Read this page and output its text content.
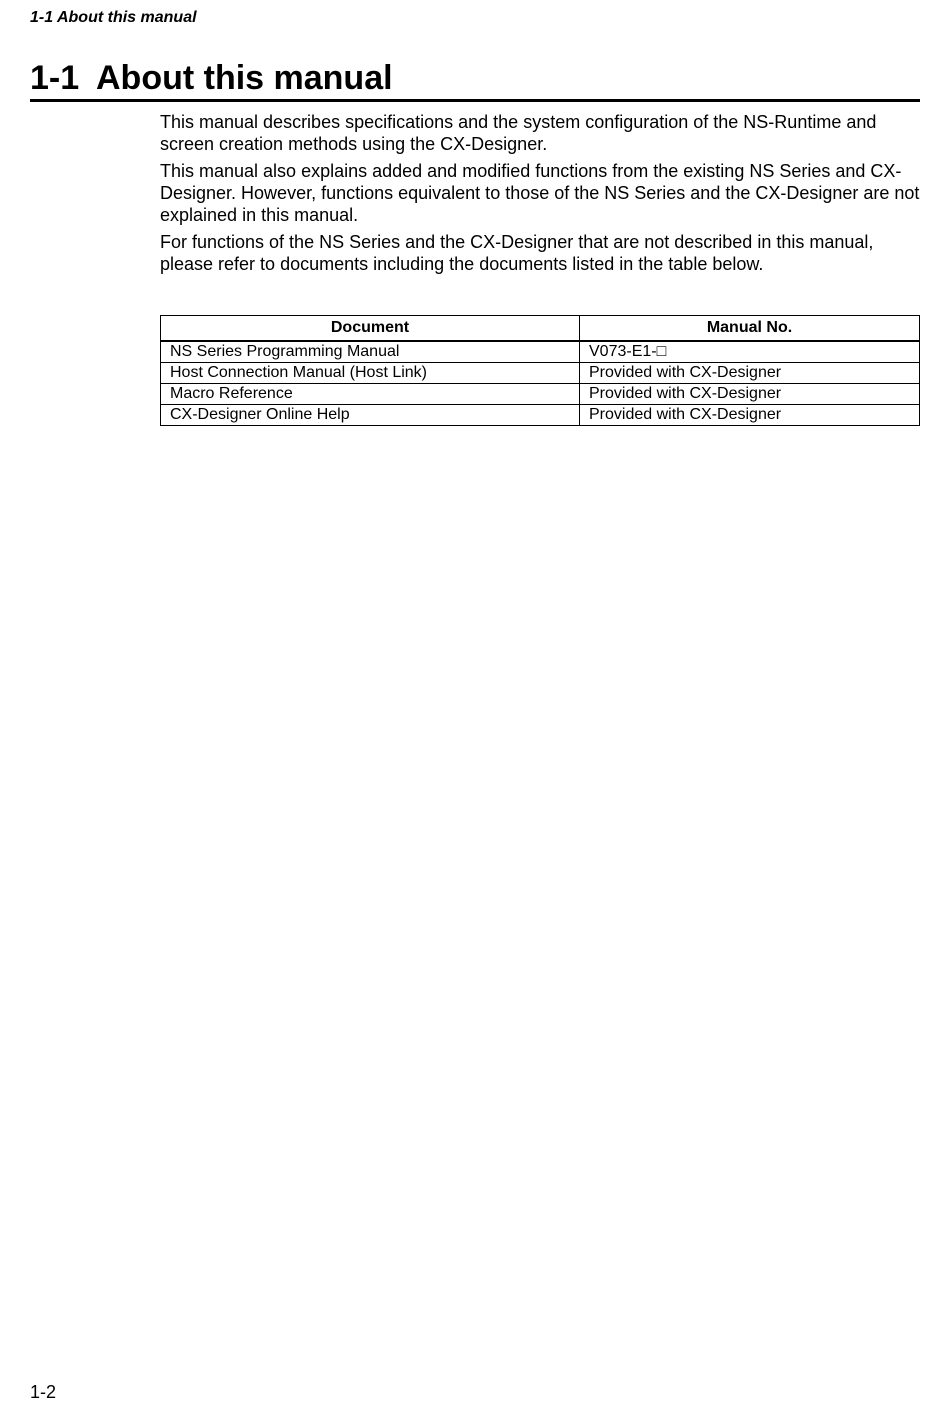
1-1 About this manual
1-1 About this manual

This manual describes specifications and the system configuration of the NS-Runtime and screen creation methods using the CX-Designer.

This manual also explains added and modified functions from the existing NS Series and CX-Designer. However, functions equivalent to those of the NS Series and the CX-Designer are not explained in this manual.

For functions of the NS Series and the CX-Designer that are not described in this manual, please refer to documents including the documents listed in the table below.

Document	Manual No.
NS Series Programming Manual	V073-E1-□
Host Connection Manual (Host Link)	Provided with CX-Designer
Macro Reference	Provided with CX-Designer
CX-Designer Online Help	Provided with CX-Designer
1-2
